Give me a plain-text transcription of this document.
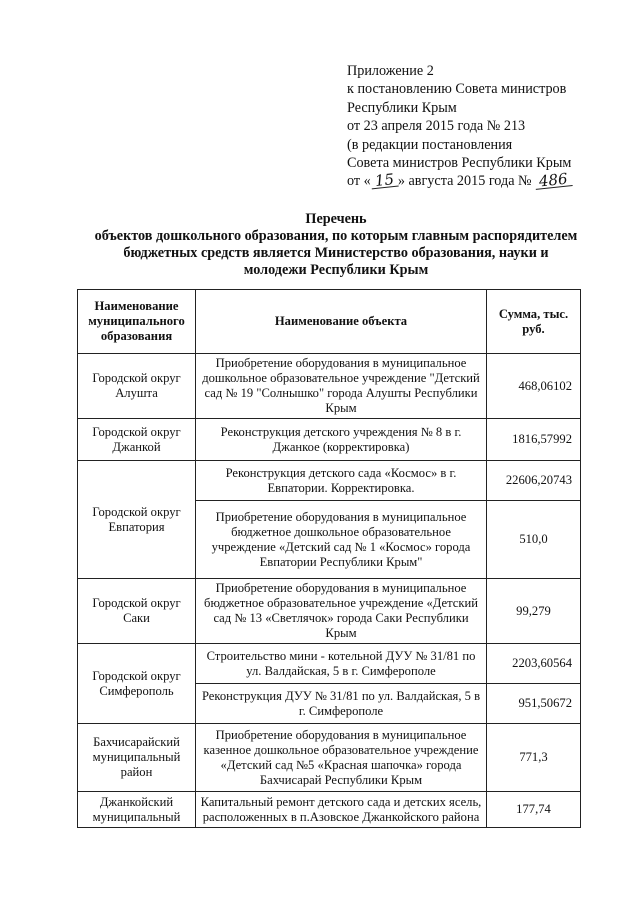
Приложение 2
к постановлению Совета министров
Республики Крым
от 23 апреля 2015 года № 213
(в редакции постановления
Совета министров Республики Крым
от « 15 » августа 2015 года № 486
Перечень
объектов дошкольного образования, по которым главным распорядителем
бюджетных средств является Министерство образования, науки и
молодежи Республики Крым
Наименование муниципального образования	Наименование объекта	Сумма, тыс. руб.
Городской округ Алушта	Приобретение оборудования в муниципальное дошкольное образовательное учреждение "Детский сад № 19 "Солнышко" города Алушты Республики Крым	468,06102
Городской округ Джанкой	Реконструкция детского учреждения № 8 в г. Джанкое (корректировка)	1816,57992
Городской округ Евпатория	Реконструкция детского сада «Космос» в г. Евпатории. Корректировка.	22606,20743
	Приобретение оборудования в муниципальное бюджетное дошкольное образовательное учреждение «Детский сад № 1 «Космос» города Евпатории Республики Крым"	510,0
Городской округ Саки	Приобретение оборудования в муниципальное бюджетное образовательное учреждение «Детский сад № 13 «Светлячок» города Саки Республики Крым	99,279
Городской округ Симферополь	Строительство мини - котельной ДУУ № 31/81 по ул. Валдайская, 5 в г. Симферополе	2203,60564
	Реконструкция ДУУ № 31/81 по ул. Валдайская, 5 в г. Симферополе	951,50672
Бахчисарайский муниципальный район	Приобретение оборудования в муниципальное казенное дошкольное образовательное учреждение «Детский сад №5 «Красная шапочка» города Бахчисарай Республики Крым	771,3
Джанкойский муниципальный	Капитальный ремонт детского сада и детских ясель, расположенных в п.Азовское Джанкойского района	177,74
